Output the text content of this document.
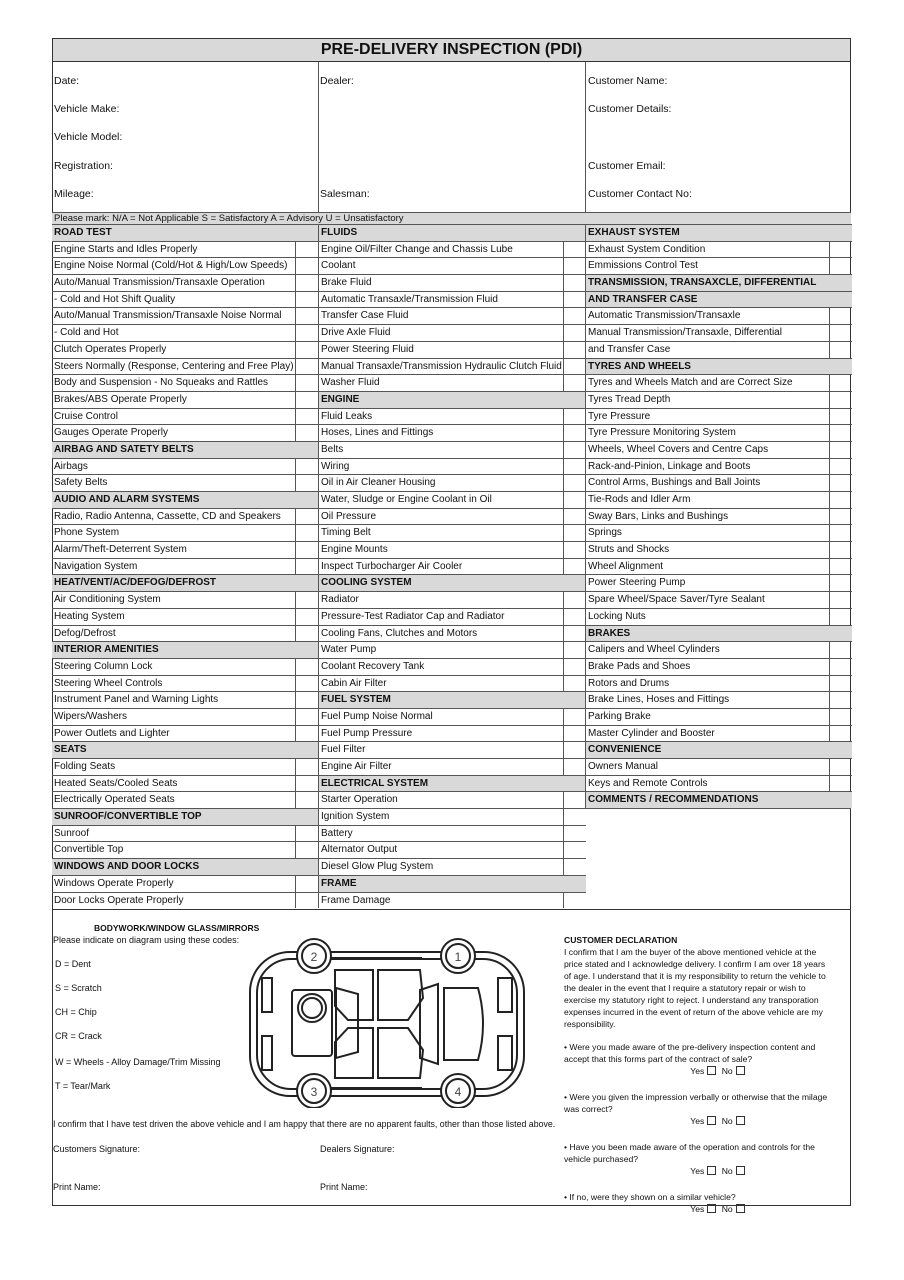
PRE-DELIVERY INSPECTION (PDI)
Date:
Vehicle Make:
Vehicle Model:
Registration:
Mileage:
Dealer:
Salesman:
Customer Name:
Customer Details:
Customer Email:
Customer Contact No:
Please mark: N/A = Not Applicable S = Satisfactory A = Advisory U = Unsatisfactory
ROAD TEST
Engine Starts and Idles Properly
Engine Noise Normal (Cold/Hot & High/Low Speeds)
Auto/Manual Transmission/Transaxle Operation
- Cold and Hot Shift Quality
Auto/Manual Transmission/Transaxle Noise Normal
- Cold and Hot
Clutch Operates Properly
Steers Normally (Response, Centering and Free Play)
Body and Suspension - No Squeaks and Rattles
Brakes/ABS Operate Properly
Cruise Control
Gauges Operate Properly
AIRBAG AND SATETY BELTS
Airbags
Safety Belts
AUDIO AND ALARM SYSTEMS
Radio, Radio Antenna, Cassette, CD and Speakers
Phone System
Alarm/Theft-Deterrent System
Navigation System
HEAT/VENT/AC/DEFOG/DEFROST
Air Conditioning System
Heating System
Defog/Defrost
INTERIOR AMENITIES
Steering Column Lock
Steering Wheel Controls
Instrument Panel and Warning Lights
Wipers/Washers
Power Outlets and Lighter
SEATS
Folding Seats
Heated Seats/Cooled Seats
Electrically Operated Seats
SUNROOF/CONVERTIBLE TOP
Sunroof
Convertible Top
WINDOWS AND DOOR LOCKS
Windows Operate Properly
Door Locks Operate Properly
FLUIDS
Engine Oil/Filter Change and Chassis Lube
Coolant
Brake Fluid
Automatic Transaxle/Transmission Fluid
Transfer Case Fluid
Drive Axle Fluid
Power Steering Fluid
Manual Transaxle/Transmission Hydraulic Clutch Fluid
Washer Fluid
ENGINE
Fluid Leaks
Hoses, Lines and Fittings
Belts
Wiring
Oil in Air Cleaner Housing
Water, Sludge or Engine Coolant in Oil
Oil Pressure
Timing Belt
Engine Mounts
Inspect Turbocharger Air Cooler
COOLING SYSTEM
Radiator
Pressure-Test Radiator Cap and Radiator
Cooling Fans, Clutches and Motors
Water Pump
Coolant Recovery Tank
Cabin Air Filter
FUEL SYSTEM
Fuel Pump Noise Normal
Fuel Pump Pressure
Fuel Filter
Engine Air Filter
ELECTRICAL SYSTEM
Starter Operation
Ignition System
Battery
Alternator Output
Diesel Glow Plug System
FRAME
Frame Damage
EXHAUST SYSTEM
Exhaust System Condition
Emmissions Control Test
TRANSMISSION, TRANSAXCLE, DIFFERENTIAL
AND TRANSFER CASE
Automatic Transmission/Transaxle
Manual Transmission/Transaxle, Differential
and Transfer Case
TYRES AND WHEELS
Tyres and Wheels Match and are Correct Size
Tyres Tread Depth
Tyre Pressure
Tyre Pressure Monitoring System
Wheels, Wheel Covers and Centre Caps
Rack-and-Pinion, Linkage and Boots
Control Arms, Bushings and Ball Joints
Tie-Rods and Idler Arm
Sway Bars, Links and Bushings
Springs
Struts and Shocks
Wheel Alignment
Power Steering Pump
Spare Wheel/Space Saver/Tyre Sealant
Locking Nuts
BRAKES
Calipers and Wheel Cylinders
Brake Pads and Shoes
Rotors and Drums
Brake Lines, Hoses and Fittings
Parking Brake
Master Cylinder and Booster
CONVENIENCE
Owners Manual
Keys and Remote Controls
COMMENTS / RECOMMENDATIONS
BODYWORK/WINDOW GLASS/MIRRORS
Please indicate on diagram using these codes:
D = Dent
S = Scratch
CH = Chip
CR = Crack
W = Wheels - Alloy Damage/Trim Missing
T = Tear/Mark
1
2
3	4
I confirm that I have test driven the above vehicle and I am happy that there are no apparent faults, other than those listed above.
Customers Signature:	Dealers Signature:
Print Name:	Print Name:
CUSTOMER DECLARATION
I confirm that I am the buyer of the above mentioned vehicle at the price stated and I acknowledge delivery. I confirm I am over 18 years of age. I understand that it is my responsibility to return the vehicle to the dealer in the event that I require a statutory repair or wish to exercise my statutory right to reject. I understand any transporation expenses incurred in the event of return of the above vehicle are my responsibility.
• Were you made aware of the pre-delivery inspection content and accept that this forms part of the contract of sale?
Yes No
• Were you given the impression verbally or otherwise that the milage was correct?
Yes No
• Have you been made aware of the operation and controls for the vehicle purchased?
Yes No
• If no, were they shown on a similar vehicle?
Yes No
